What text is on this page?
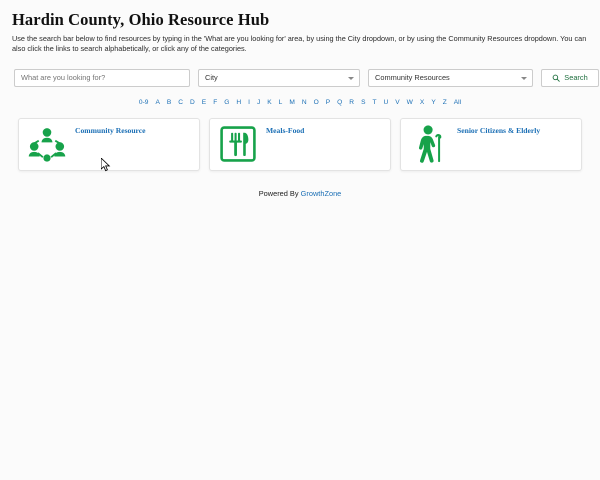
Hardin County, Ohio Resource Hub

Use the search bar below to find resources by typing in the 'What are you looking for' area, by using the City dropdown, or by using the Community Resources dropdown. You can also click the links to search alphabetically, or click any of the categories.

What are you looking for?
City	Community Resources	Search
0-9	A	B	C	D	E	F	G	H	I	J	K	L	M	N	O	P	Q	R	S	T	U	V	W	X	Y	Z	All
Community Resource	Meals-Food	Senior Citizens & Elderly
Powered By GrowthZone
